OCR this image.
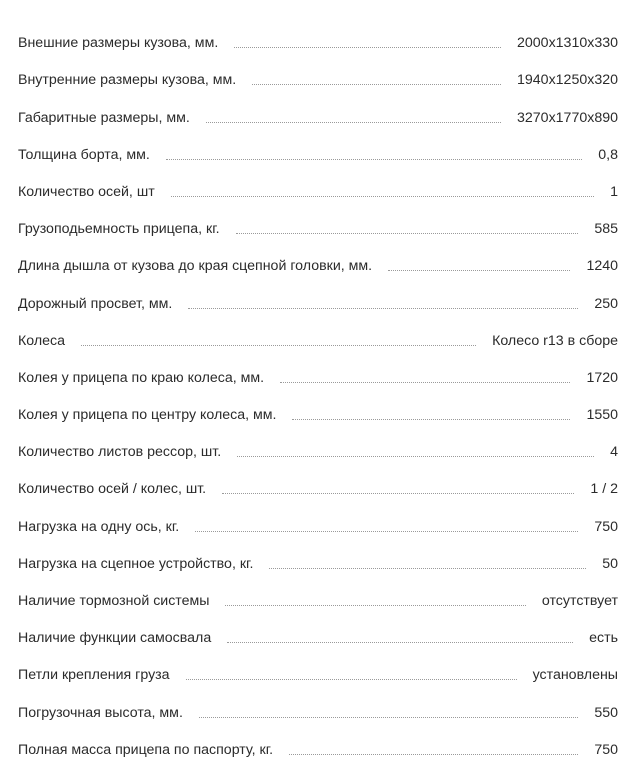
Внешние размеры кузова, мм.	2000x1310x330
Внутренние размеры кузова, мм.	1940x1250x320
Габаритные размеры, мм.	3270x1770x890
Толщина борта, мм.	0,8
Количество осей, шт	1
Грузоподьемность прицепа, кг.	585
Длина дышла от кузова до края сцепной головки, мм.	1240
Дорожный просвет, мм.	250
Колеса	Колесо r13 в сборе
Колея у прицепа по краю колеса, мм.	1720
Колея у прицепа по центру колеса, мм.	1550
Количество листов рессор, шт.	4
Количество осей / колес, шт.	1 / 2
Нагрузка на одну ось, кг.	750
Нагрузка на сцепное устройство, кг.	50
Наличие тормозной системы	отсутствует
Наличие функции самосвала	есть
Петли крепления груза	установлены
Погрузочная высота, мм.	550
Полная масса прицепа по паспорту, кг.	750
